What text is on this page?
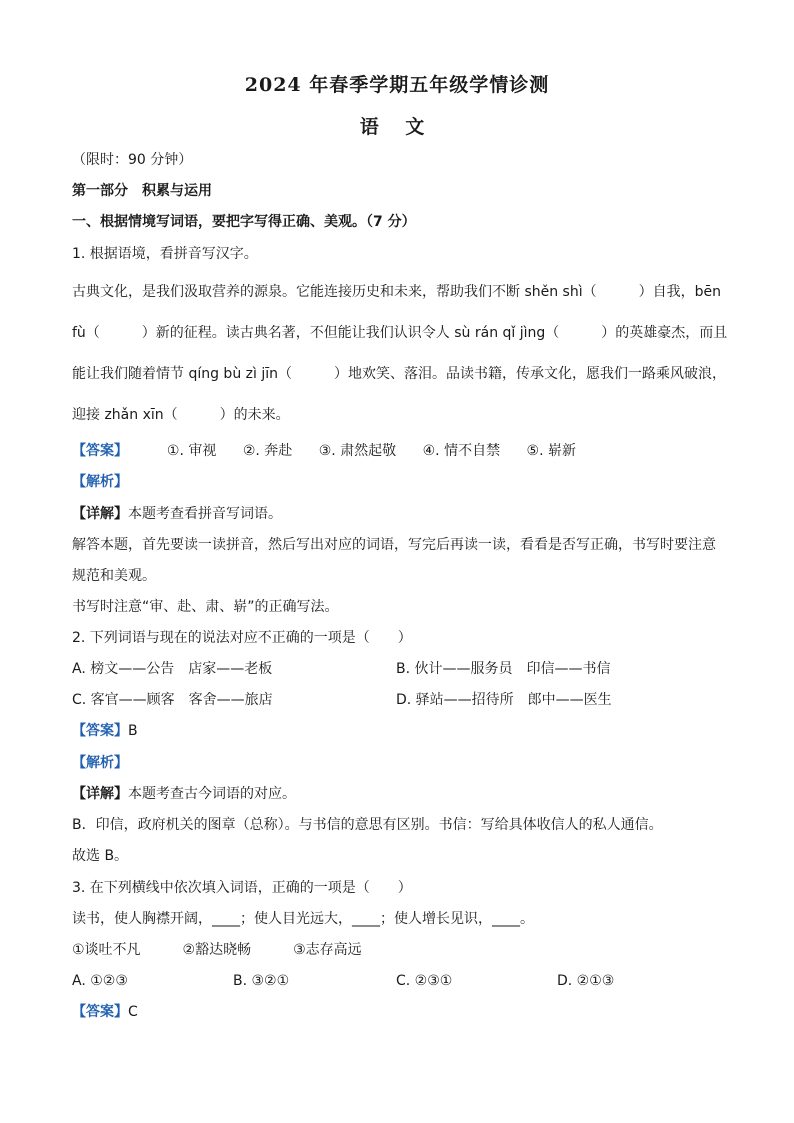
2024 年春季学期五年级学情诊测
语 文
（限时：90 分钟）
第一部分　积累与运用
一、根据情境写词语，要把字写得正确、美观。（7 分）
1. 根据语境，看拼音写汉字。
古典文化，是我们汲取营养的源泉。它能连接历史和未来，帮助我们不断 shěn shì（　　　）自我，bēn
fù（　　　）新的征程。读古典名著，不但能让我们认识令人 sù rán qǐ jìng（　　　）的英雄豪杰，而且
能让我们随着情节 qíng bù zì jīn（　　　）地欢笑、落泪。品读书籍，传承文化，愿我们一路乘风破浪，
迎接 zhǎn xīn（　　　）的未来。
【答案】	①. 审视 ②. 奔赴 ③. 肃然起敬 ④. 情不自禁 ⑤. 崭新
【解析】
【详解】本题考查看拼音写词语。
解答本题，首先要读一读拼音，然后写出对应的词语，写完后再读一读，看看是否写正确，书写时要注意
规范和美观。
书写时注意“审、赴、肃、崭”的正确写法。
2. 下列词语与现在的说法对应不正确的一项是（　　）
A. 榜文——公告　店家——老板	B. 伙计——服务员　印信——书信
C. 客官——顾客　客舍——旅店	D. 驿站——招待所　郎中——医生
【答案】B
【解析】
【详解】本题考查古今词语的对应。
B．印信，政府机关的图章（总称）。与书信的意思有区别。书信：写给具体收信人的私人通信。
故选 B。
3. 在下列横线中依次填入词语，正确的一项是（　　）
读书，使人胸襟开阔，____；使人目光远大，____；使人增长见识，____。
①谈吐不凡　　　②豁达晓畅　　　③志存高远
A. ①②③	B. ③②①	C. ②③①	D. ②①③
【答案】C
